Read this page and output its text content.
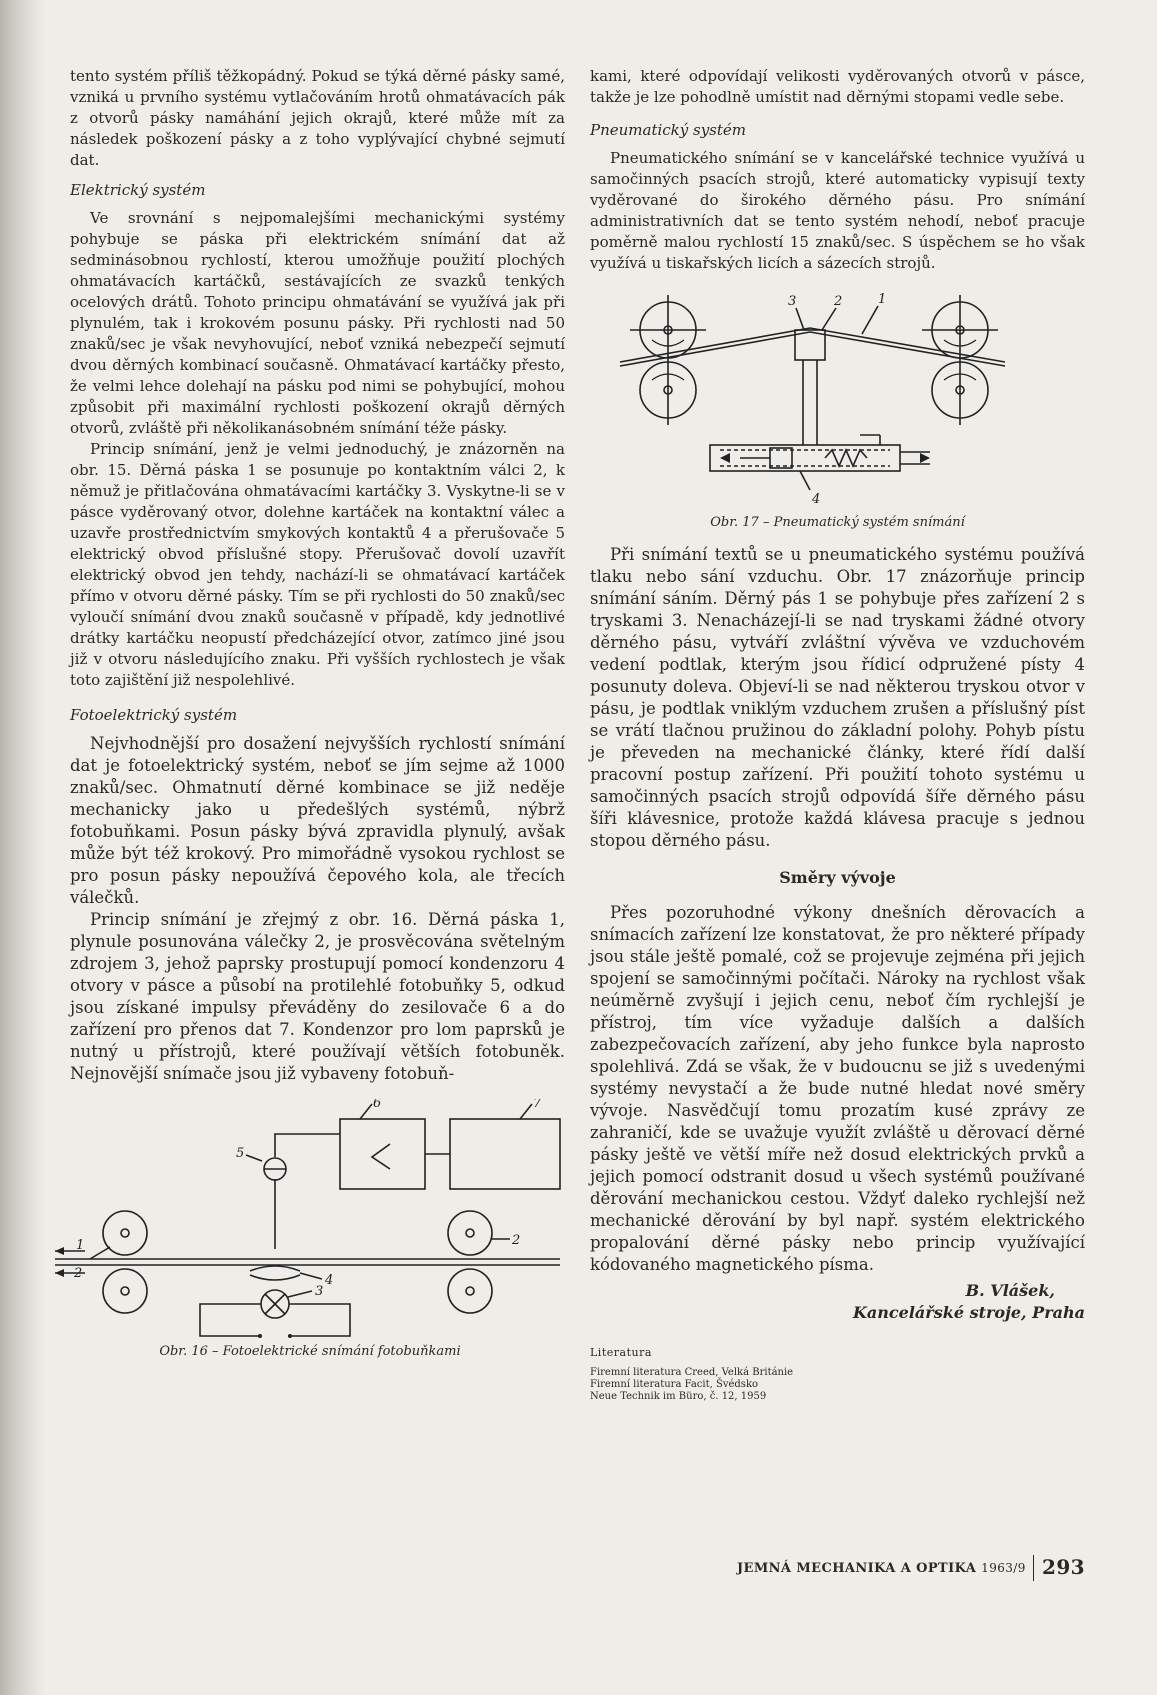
tento systém příliš těžkopádný. Pokud se týká děrné pásky samé, vzniká u prvního systému vytlačováním hrotů ohmatávacích pák z otvorů pásky namáhání jejich okrajů, které může mít za následek poškození pásky a z toho vyplývající chybné sejmutí dat.

Elektrický systém

Ve srovnání s nejpomalejšími mechanickými systémy pohybuje se páska při elektrickém snímání dat až sedminásobnou rychlostí, kterou umožňuje použití plochých ohmatávacích kartáčků, sestávajících ze svazků tenkých ocelových drátů. Tohoto principu ohmatávání se využívá jak při plynulém, tak i krokovém posunu pásky. Při rychlosti nad 50 znaků/sec je však nevyhovující, neboť vzniká nebezpečí sejmutí dvou děrných kombinací současně. Ohmatávací kartáčky přesto, že velmi lehce dolehají na pásku pod nimi se pohybující, mohou způsobit při maximální rychlosti poškození okrajů děrných otvorů, zvláště při několikanásobném snímání téže pásky.

Princip snímání, jenž je velmi jednoduchý, je znázorněn na obr. 15. Děrná páska 1 se posunuje po kontaktním válci 2, k němuž je přitlačována ohmatávacími kartáčky 3. Vyskytne-li se v pásce vyděrovaný otvor, dolehne kartáček na kontaktní válec a uzavře prostřednictvím smykových kontaktů 4 a přerušovače 5 elektrický obvod příslušné stopy. Přerušovač dovolí uzavřít elektrický obvod jen tehdy, nachází-li se ohmatávací kartáček přímo v otvoru děrné pásky. Tím se při rychlosti do 50 znaků/sec vyloučí snímání dvou znaků současně v případě, kdy jednotlivé drátky kartáčku neopustí předcházející otvor, zatímco jiné jsou již v otvoru následujícího znaku. Při vyšších rychlostech je však toto zajištění již nespolehlivé.

Fotoelektrický systém

Nejvhodnější pro dosažení nejvyšších rychlostí snímání dat je fotoelektrický systém, neboť se jím sejme až 1000 znaků/sec. Ohmatnutí děrné kombinace se již neděje mechanicky jako u předešlých systémů, nýbrž fotobuňkami. Posun pásky bývá zpravidla plynulý, avšak může být též krokový. Pro mimořádně vysokou rychlost se pro posun pásky nepoužívá čepového kola, ale třecích válečků.

Princip snímání je zřejmý z obr. 16. Děrná páska 1, plynule posunována válečky 2, je prosvěcována světelným zdrojem 3, jehož paprsky prostupují pomocí kondenzoru 4 otvory v pásce a působí na protilehlé fotobuňky 5, odkud jsou získané impulsy převáděny do zesilovače 6 a do zařízení pro přenos dat 7. Kondenzor pro lom paprsků je nutný u přístrojů, které používají větších fotobuněk. Nejnovější snímače jsou již vybaveny fotobuň-

5
6	7
1
2
2
4
3
Obr. 16 – Fotoelektrické snímání fotobuňkami

kami, které odpovídají velikosti vyděrovaných otvorů v pásce, takže je lze pohodlně umístit nad děrnými stopami vedle sebe.

Pneumatický systém

Pneumatického snímání se v kancelářské technice využívá u samočinných psacích strojů, které automaticky vypisují texty vyděrované do širokého děrného pásu. Pro snímání administrativních dat se tento systém nehodí, neboť pracuje poměrně malou rychlostí 15 znaků/sec. S úspěchem se ho však využívá u tiskařských licích a sázecích strojů.

3	2	1
4
Obr. 17 – Pneumatický systém snímání

Při snímání textů se u pneumatického systému používá tlaku nebo sání vzduchu. Obr. 17 znázorňuje princip snímání sáním. Děrný pás 1 se pohybuje přes zařízení 2 s tryskami 3. Nenacházejí-li se nad tryskami žádné otvory děrného pásu, vytváří zvláštní vývěva ve vzduchovém vedení podtlak, kterým jsou řídicí odpružené písty 4 posunuty doleva. Objeví-li se nad některou tryskou otvor v pásu, je podtlak vniklým vzduchem zrušen a příslušný píst se vrátí tlačnou pružinou do základní polohy. Pohyb pístu je převeden na mechanické články, které řídí další pracovní postup zařízení. Při použití tohoto systému u samočinných psacích strojů odpovídá šíře děrného pásu šíři klávesnice, protože každá klávesa pracuje s jednou stopou děrného pásu.

Směry vývoje

Přes pozoruhodné výkony dnešních děrovacích a snímacích zařízení lze konstatovat, že pro některé případy jsou stále ještě pomalé, což se projevuje zejména při jejich spojení se samočinnými počítači. Nároky na rychlost však neúměrně zvyšují i jejich cenu, neboť čím rychlejší je přístroj, tím více vyžaduje dalších a dalších zabezpečovacích zařízení, aby jeho funkce byla naprosto spolehlivá. Zdá se však, že v budoucnu se již s uvedenými systémy nevystačí a že bude nutné hledat nové směry vývoje. Nasvědčují tomu prozatím kusé zprávy ze zahraničí, kde se uvažuje využít zvláště u děrovací děrné pásky ještě ve větší míře než dosud elektrických prvků a jejich pomocí odstranit dosud u všech systémů používané děrování mechanickou cestou. Vždyť daleko rychlejší než mechanické děrování by byl např. systém elektrického propalování děrné pásky nebo princip využívající kódovaného magnetického písma.

B. Vlášek,
Kancelářské stroje, Praha
Literatura

Firemní literatura Creed, Velká Británie

Firemní literatura Facit, Švédsko

Neue Technik im Büro, č. 12, 1959

JEMNÁ MECHANIKA A OPTIKA 1963/9 293
